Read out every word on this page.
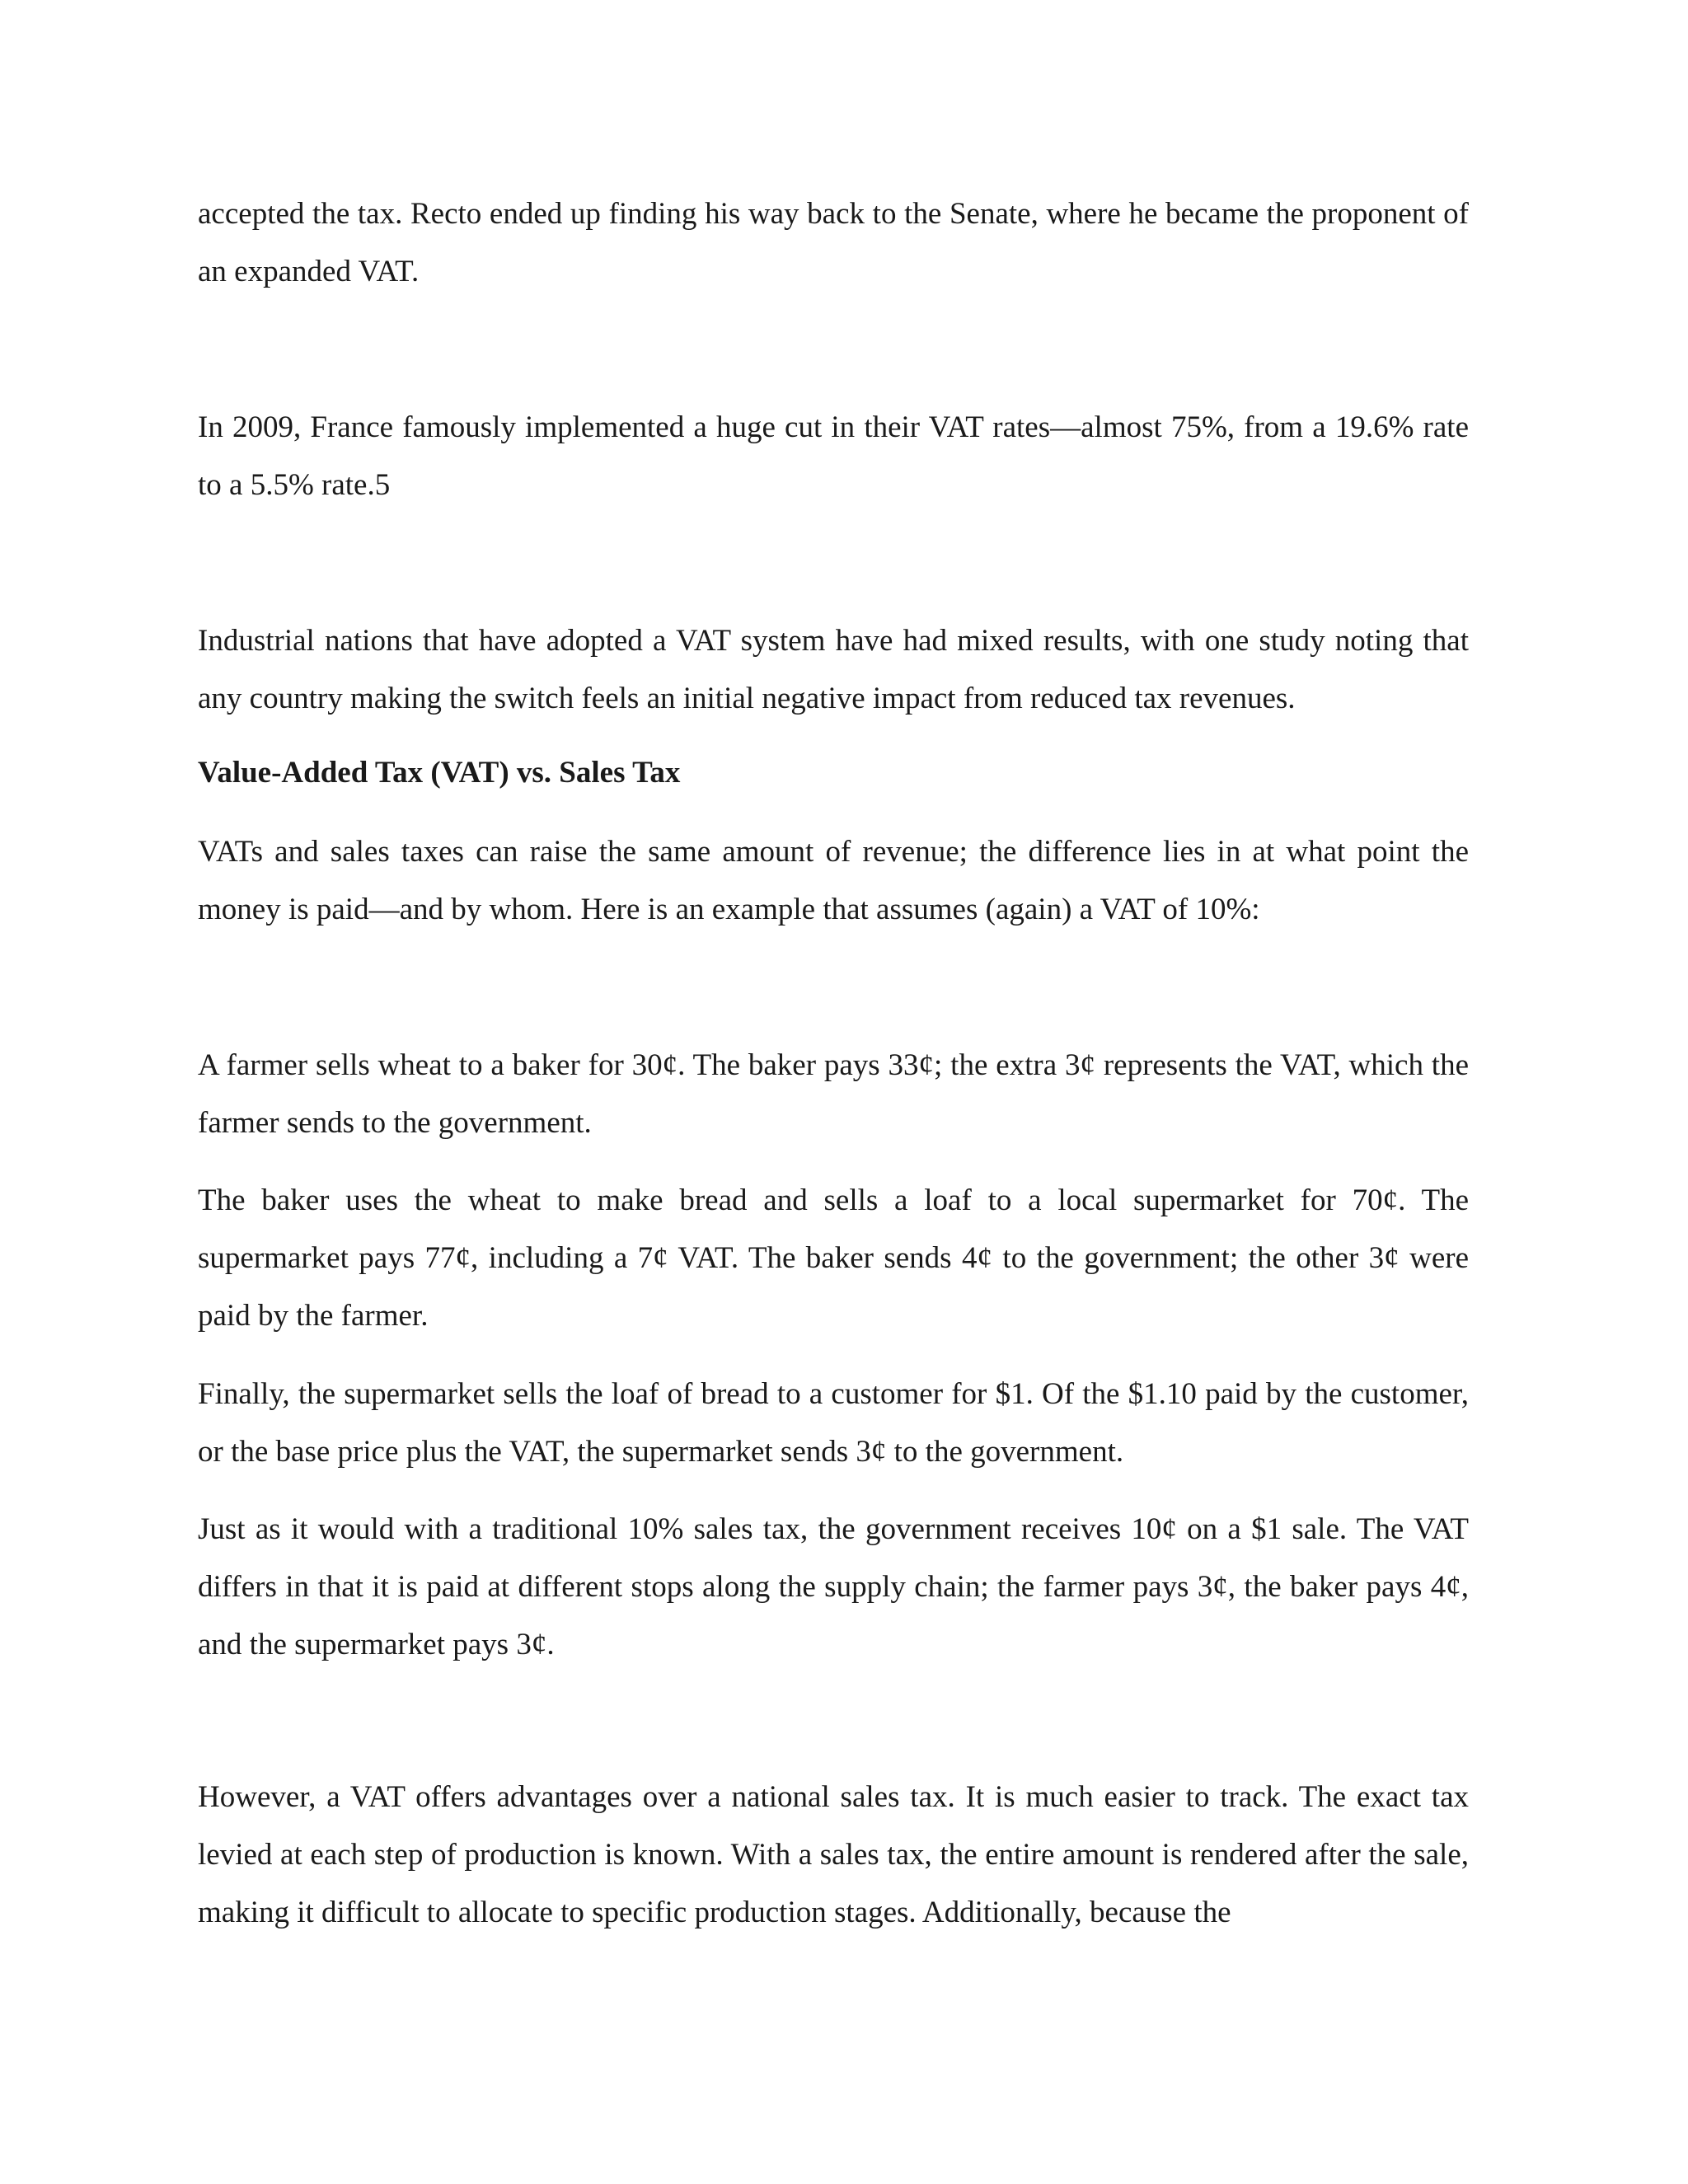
accepted the tax. Recto ended up finding his way back to the Senate, where he became the proponent of an expanded VAT.

In 2009, France famously implemented a huge cut in their VAT rates—almost 75%, from a 19.6% rate to a 5.5% rate.5

Industrial nations that have adopted a VAT system have had mixed results, with one study noting that any country making the switch feels an initial negative impact from reduced tax revenues.

Value-Added Tax (VAT) vs. Sales Tax

VATs and sales taxes can raise the same amount of revenue; the difference lies in at what point the money is paid—and by whom. Here is an example that assumes (again) a VAT of 10%:

A farmer sells wheat to a baker for 30¢. The baker pays 33¢; the extra 3¢ represents the VAT, which the farmer sends to the government.

The baker uses the wheat to make bread and sells a loaf to a local supermarket for 70¢. The supermarket pays 77¢, including a 7¢ VAT. The baker sends 4¢ to the government; the other 3¢ were paid by the farmer.

Finally, the supermarket sells the loaf of bread to a customer for $1. Of the $1.10 paid by the customer, or the base price plus the VAT, the supermarket sends 3¢ to the government.

Just as it would with a traditional 10% sales tax, the government receives 10¢ on a $1 sale. The VAT differs in that it is paid at different stops along the supply chain; the farmer pays 3¢, the baker pays 4¢, and the supermarket pays 3¢.

However, a VAT offers advantages over a national sales tax. It is much easier to track. The exact tax levied at each step of production is known. With a sales tax, the entire amount is rendered after the sale, making it difficult to allocate to specific production stages. Additionally, because the
